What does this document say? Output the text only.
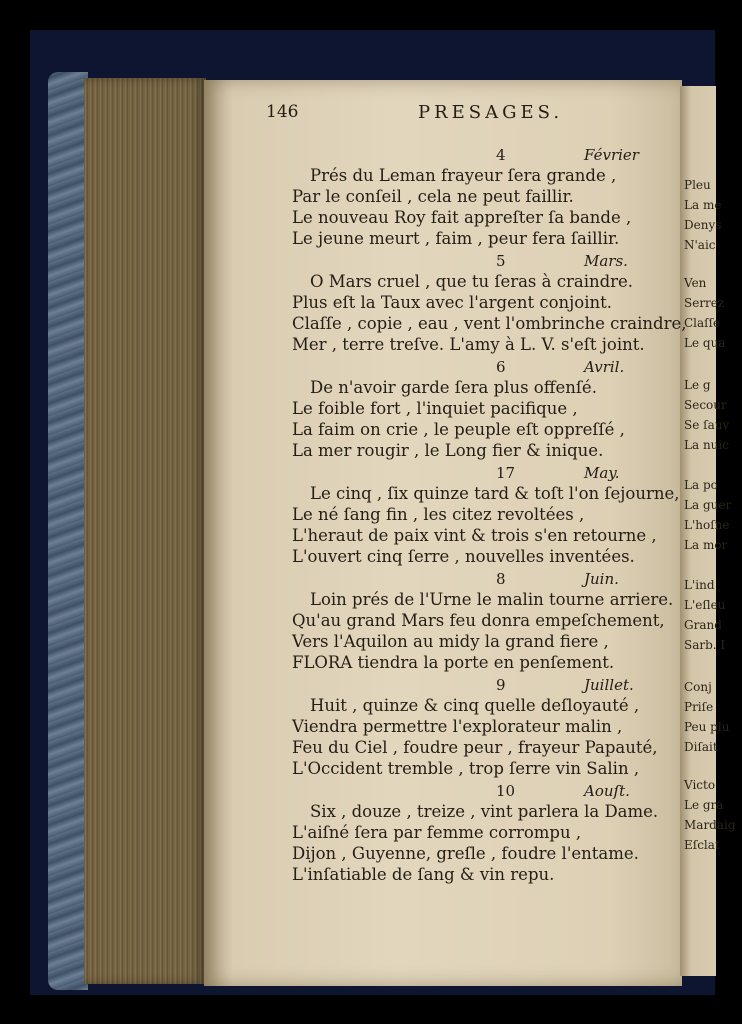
Pleu
La me
Denys
N'aic
Ven
Serrez
Claſſe
Le qua
Le g
Secour
Se ſauv
La nuic
La po
La guer
L'hoſne
La mor
L'ind
L'eſleu
Grand
Sarb. I
Conj
Priſe
Peu plu
Diſait
Victo
Le gra
Mardaig
Eſclat
146	PRESAGES.
4	Février
Prés du Leman frayeur ſera grande ,
Par le conſeil , cela ne peut faillir.
Le nouveau Roy fait appreſter ſa bande ,
Le jeune meurt , faim , peur fera ſaillir.
5	Mars.
O Mars cruel , que tu ſeras à craindre.
Plus eſt la Taux avec l'argent conjoint.
Claſſe , copie , eau , vent l'ombrinche craindre,
Mer , terre treſve. L'amy à L. V. s'eſt joint.
6	Avril.
De n'avoir garde ſera plus offenſé.
Le foible fort , l'inquiet pacifique ,
La faim on crie , le peuple eſt oppreſſé ,
La mer rougir , le Long fier & inique.
17	May.
Le cinq , ſix quinze tard & toſt l'on ſejourne,
Le né ſang fin , les citez revoltées ,
L'heraut de paix vint & trois s'en retourne ,
L'ouvert cinq ſerre , nouvelles inventées.
8	Juin.
Loin prés de l'Urne le malin tourne arriere.
Qu'au grand Mars feu donra empeſchement,
Vers l'Aquilon au midy la grand fiere ,
FLORA tiendra la porte en penſement.
9	Juillet.
Huit , quinze & cinq quelle deſloyauté ,
Viendra permettre l'explorateur malin ,
Feu du Ciel , foudre peur , frayeur Papauté,
L'Occident tremble , trop ſerre vin Salin ,
10	Aouſt.
Six , douze , treize , vint parlera la Dame.
L'aiſné ſera par femme corrompu ,
Dijon , Guyenne, greſle , foudre l'entame.
L'inſatiable de ſang & vin repu.
